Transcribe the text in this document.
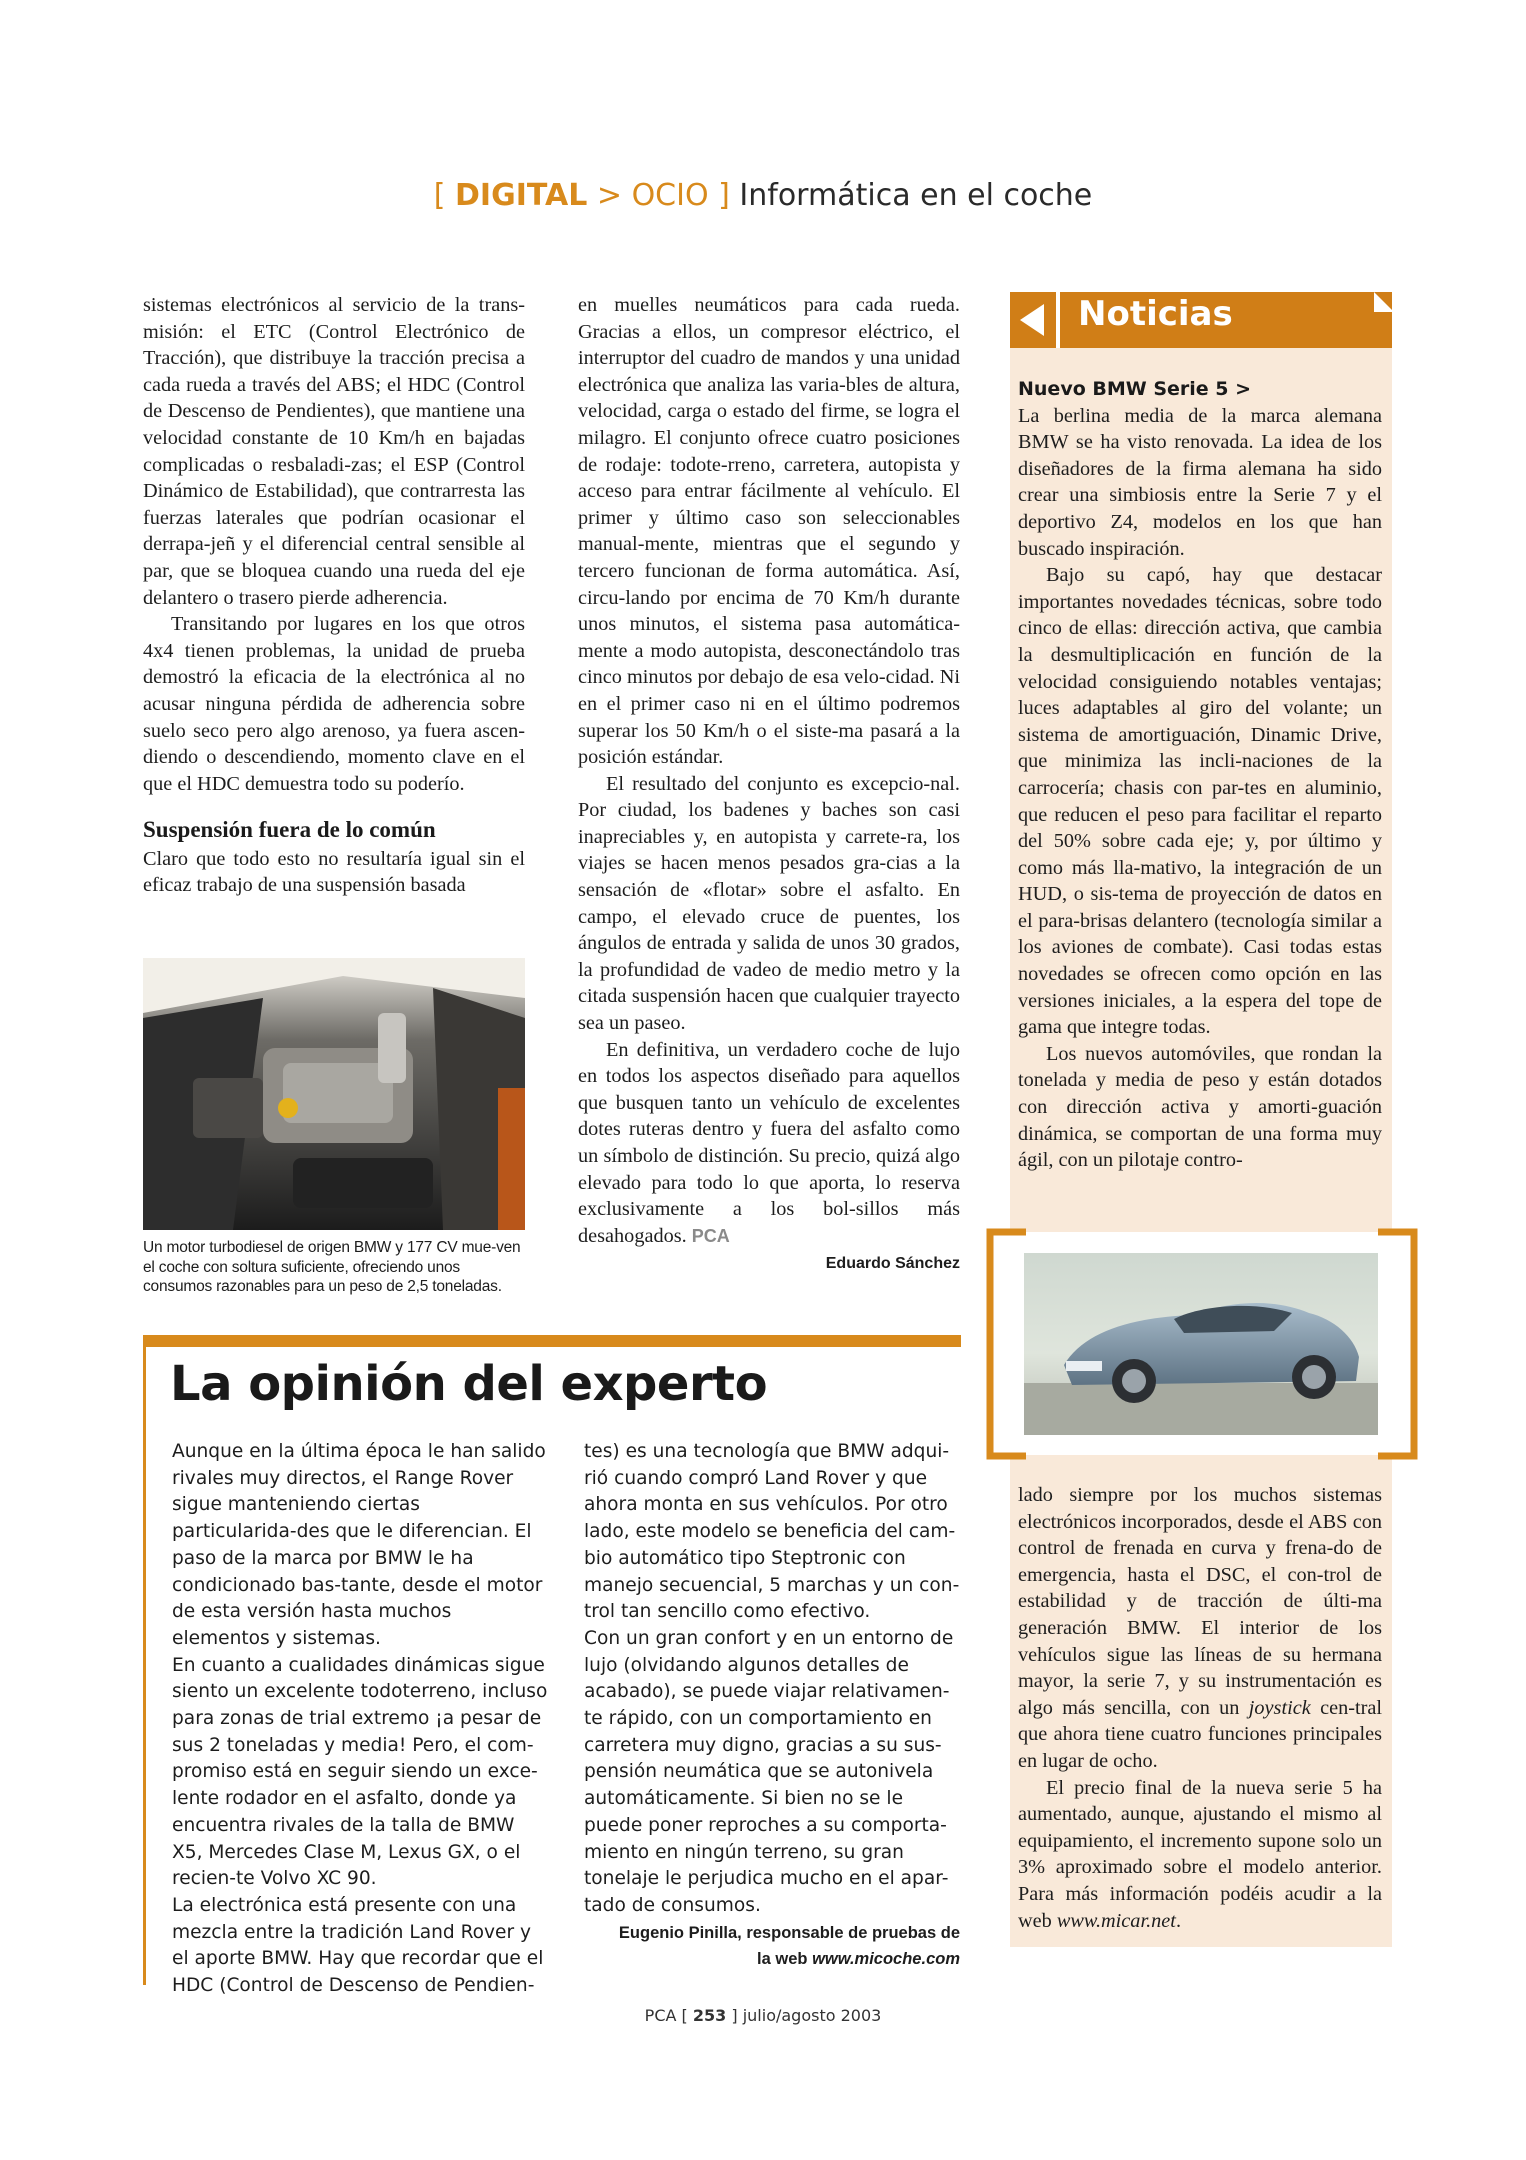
[ DIGITAL > OCIO ] Informática en el coche

sistemas electrónicos al servicio de la trans-misión: el ETC (Control Electrónico de Tracción), que distribuye la tracción precisa a cada rueda a través del ABS; el HDC (Control de Descenso de Pendientes), que mantiene una velocidad constante de 10 Km/h en bajadas complicadas o resbaladi-zas; el ESP (Control Dinámico de Estabilidad), que contrarresta las fuerzas laterales que podrían ocasionar el derrapa-jeñ y el diferencial central sensible al par, que se bloquea cuando una rueda del eje delantero o trasero pierde adherencia.

Transitando por lugares en los que otros 4x4 tienen problemas, la unidad de prueba demostró la eficacia de la electrónica al no acusar ninguna pérdida de adherencia sobre suelo seco pero algo arenoso, ya fuera ascen-diendo o descendiendo, momento clave en el que el HDC demuestra todo su poderío.

Suspensión fuera de lo común

Claro que todo esto no resultaría igual sin el eficaz trabajo de una suspensión basada

Un motor turbodiesel de origen BMW y 177 CV mue-ven el coche con soltura suficiente, ofreciendo unos consumos razonables para un peso de 2,5 toneladas.

en muelles neumáticos para cada rueda. Gracias a ellos, un compresor eléctrico, el interruptor del cuadro de mandos y una unidad electrónica que analiza las varia-bles de altura, velocidad, carga o estado del firme, se logra el milagro. El conjunto ofrece cuatro posiciones de rodaje: todote-rreno, carretera, autopista y acceso para entrar fácilmente al vehículo. El primer y último caso son seleccionables manual-mente, mientras que el segundo y tercero funcionan de forma automática. Así, circu-lando por encima de 70 Km/h durante unos minutos, el sistema pasa automática-mente a modo autopista, desconectándolo tras cinco minutos por debajo de esa velo-cidad. Ni en el primer caso ni en el último podremos superar los 50 Km/h o el siste-ma pasará a la posición estándar.

El resultado del conjunto es excepcio-nal. Por ciudad, los badenes y baches son casi inapreciables y, en autopista y carrete-ra, los viajes se hacen menos pesados gra-cias a la sensación de «flotar» sobre el asfalto. En campo, el elevado cruce de puentes, los ángulos de entrada y salida de unos 30 grados, la profundidad de vadeo de medio metro y la citada suspensión hacen que cualquier trayecto sea un paseo.

En definitiva, un verdadero coche de lujo en todos los aspectos diseñado para aquellos que busquen tanto un vehículo de excelentes dotes ruteras dentro y fuera del asfalto como un símbolo de distinción. Su precio, quizá algo elevado para todo lo que aporta, lo reserva exclusivamente a los bol-sillos más desahogados. PCA

Eduardo Sánchez
Noticias
Nuevo BMW Serie 5 >

La berlina media de la marca alemana BMW se ha visto renovada. La idea de los diseñadores de la firma alemana ha sido crear una simbiosis entre la Serie 7 y el deportivo Z4, modelos en los que han buscado inspiración.

Bajo su capó, hay que destacar importantes novedades técnicas, sobre todo cinco de ellas: dirección activa, que cambia la desmultiplicación en función de la velocidad consiguiendo notables ventajas; luces adaptables al giro del volante; un sistema de amortiguación, Dinamic Drive, que minimiza las incli-naciones de la carrocería; chasis con par-tes en aluminio, que reducen el peso para facilitar el reparto del 50% sobre cada eje; y, por último y como más lla-mativo, la integración de un HUD, o sis-tema de proyección de datos en el para-brisas delantero (tecnología similar a los aviones de combate). Casi todas estas novedades se ofrecen como opción en las versiones iniciales, a la espera del tope de gama que integre todas.

Los nuevos automóviles, que rondan la tonelada y media de peso y están dotados con dirección activa y amorti-guación dinámica, se comportan de una forma muy ágil, con un pilotaje contro-

lado siempre por los muchos sistemas electrónicos incorporados, desde el ABS con control de frenada en curva y frena-do de emergencia, hasta el DSC, el con-trol de estabilidad y de tracción de últi-ma generación BMW. El interior de los vehículos sigue las líneas de su hermana mayor, la serie 7, y su instrumentación es algo más sencilla, con un joystick cen-tral que ahora tiene cuatro funciones principales en lugar de ocho.

El precio final de la nueva serie 5 ha aumentado, aunque, ajustando el mismo al equipamiento, el incremento supone solo un 3% aproximado sobre el modelo anterior. Para más información podéis acudir a la web www.micar.net.

La opinión del experto

Aunque en la última época le han salido rivales muy directos, el Range Rover sigue manteniendo ciertas particularida-des que le diferencian. El paso de la marca por BMW le ha condicionado bas-tante, desde el motor de esta versión hasta muchos elementos y sistemas.

En cuanto a cualidades dinámicas sigue siento un excelente todoterreno, incluso para zonas de trial extremo ¡a pesar de sus 2 toneladas y media! Pero, el com-promiso está en seguir siendo un exce-lente rodador en el asfalto, donde ya encuentra rivales de la talla de BMW X5, Mercedes Clase M, Lexus GX, o el recien-te Volvo XC 90.

La electrónica está presente con una mezcla entre la tradición Land Rover y el aporte BMW. Hay que recordar que el HDC (Control de Descenso de Pendien-

tes) es una tecnología que BMW adqui-rió cuando compró Land Rover y que ahora monta en sus vehículos. Por otro lado, este modelo se beneficia del cam-bio automático tipo Steptronic con manejo secuencial, 5 marchas y un con-trol tan sencillo como efectivo.

Con un gran confort y en un entorno de lujo (olvidando algunos detalles de acabado), se puede viajar relativamen-te rápido, con un comportamiento en carretera muy digno, gracias a su sus-pensión neumática que se autonivela automáticamente. Si bien no se le puede poner reproches a su comporta-miento en ningún terreno, su gran tonelaje le perjudica mucho en el apar-tado de consumos.

Eugenio Pinilla, responsable de pruebas de
la web www.micoche.com
PCA [ 253 ] julio/agosto 2003
